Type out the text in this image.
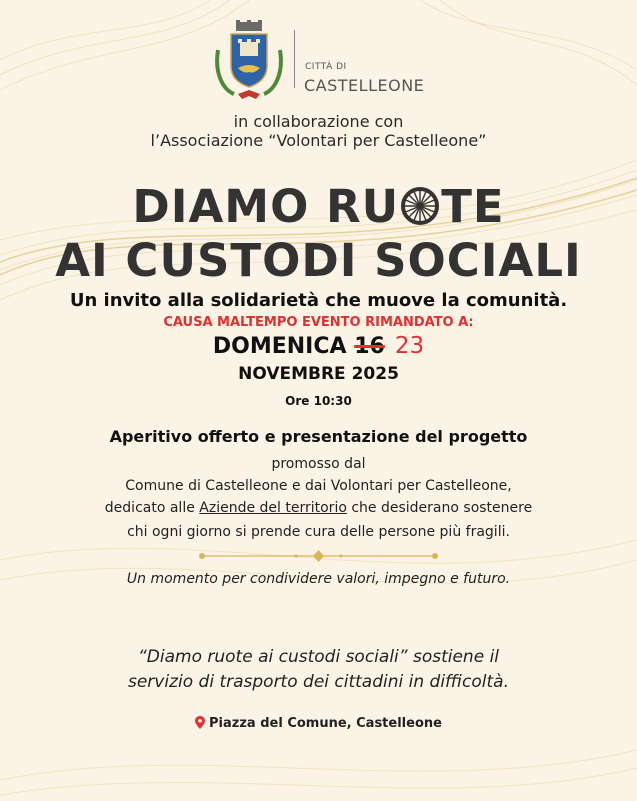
CITTÀ DI
CASTELLEONE
in collaborazione con
l’Associazione “Volontari per Castelleone”
DIAMO RU TE
AI CUSTODI SOCIALI
Un invito alla solidarietà che muove la comunità.
CAUSA MALTEMPO EVENTO RIMANDATO A:
DOMENICA 16 23
NOVEMBRE 2025
Ore 10:30
Aperitivo offerto e presentazione del progetto
promosso dal
Comune di Castelleone e dai Volontari per Castelleone,
dedicato alle Aziende del territorio che desiderano sostenere
chi ogni giorno si prende cura delle persone più fragili.
Un momento per condividere valori, impegno e futuro.
“Diamo ruote ai custodi sociali” sostiene il
servizio di trasporto dei cittadini in difficoltà.
Piazza del Comune, Castelleone
